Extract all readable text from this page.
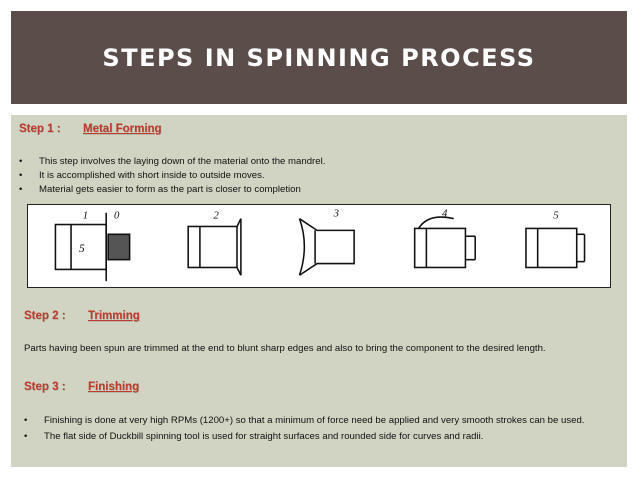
STEPS IN SPINNING PROCESS
Step 1 : Metal Forming
• This step involves the laying down of the material onto the mandrel.
• It is accomplished with short inside to outside moves.
• Material gets easier to form as the part is closer to completion
1 0	2	3	4	5
5
Step 2 : Trimming
Parts having been spun are trimmed at the end to blunt sharp edges and also to bring the component to the desired length.
Step 3 : Finishing
• Finishing is done at very high RPMs (1200+) so that a minimum of force need be applied and very smooth strokes can be used.
• The flat side of Duckbill spinning tool is used for straight surfaces and rounded side for curves and radii.
